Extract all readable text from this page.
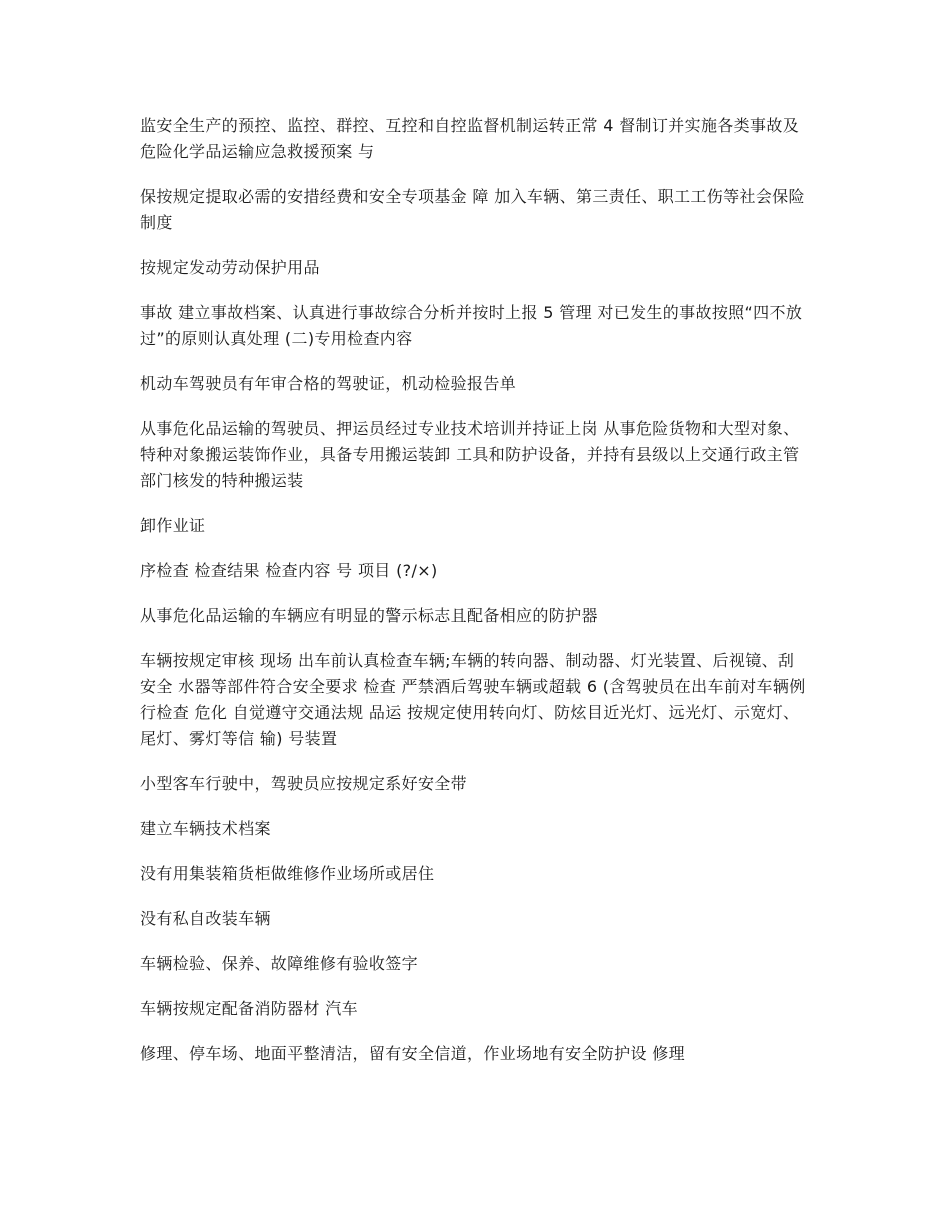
监安全生产的预控、监控、群控、互控和自控监督机制运转正常 4 督制订并实施各类事故及危险化学品运输应急救援预案 与

保按规定提取必需的安措经费和安全专项基金 障 加入车辆、第三责任、职工工伤等社会保险制度

按规定发动劳动保护用品

事故 建立事故档案、认真进行事故综合分析并按时上报 5 管理 对已发生的事故按照“四不放过”的原则认真处理 (二)专用检查内容

机动车驾驶员有年审合格的驾驶证，机动检验报告单

从事危化品运输的驾驶员、押运员经过专业技术培训并持证上岗 从事危险货物和大型对象、特种对象搬运装饰作业，具备专用搬运装卸 工具和防护设备，并持有县级以上交通行政主管部门核发的特种搬运装

卸作业证

序检查 检查结果 检查内容 号 项目 (?/×)

从事危化品运输的车辆应有明显的警示标志且配备相应的防护器

车辆按规定审核 现场 出车前认真检查车辆;车辆的转向器、制动器、灯光装置、后视镜、刮 安全 水器等部件符合安全要求 检查 严禁酒后驾驶车辆或超载 6 (含驾驶员在出车前对车辆例行检查 危化 自觉遵守交通法规 品运 按规定使用转向灯、防炫目近光灯、远光灯、示宽灯、尾灯、雾灯等信 输) 号装置

小型客车行驶中，驾驶员应按规定系好安全带

建立车辆技术档案

没有用集装箱货柜做维修作业场所或居住

没有私自改装车辆

车辆检验、保养、故障维修有验收签字

车辆按规定配备消防器材 汽车

修理、停车场、地面平整清洁，留有安全信道，作业场地有安全防护设 修理
